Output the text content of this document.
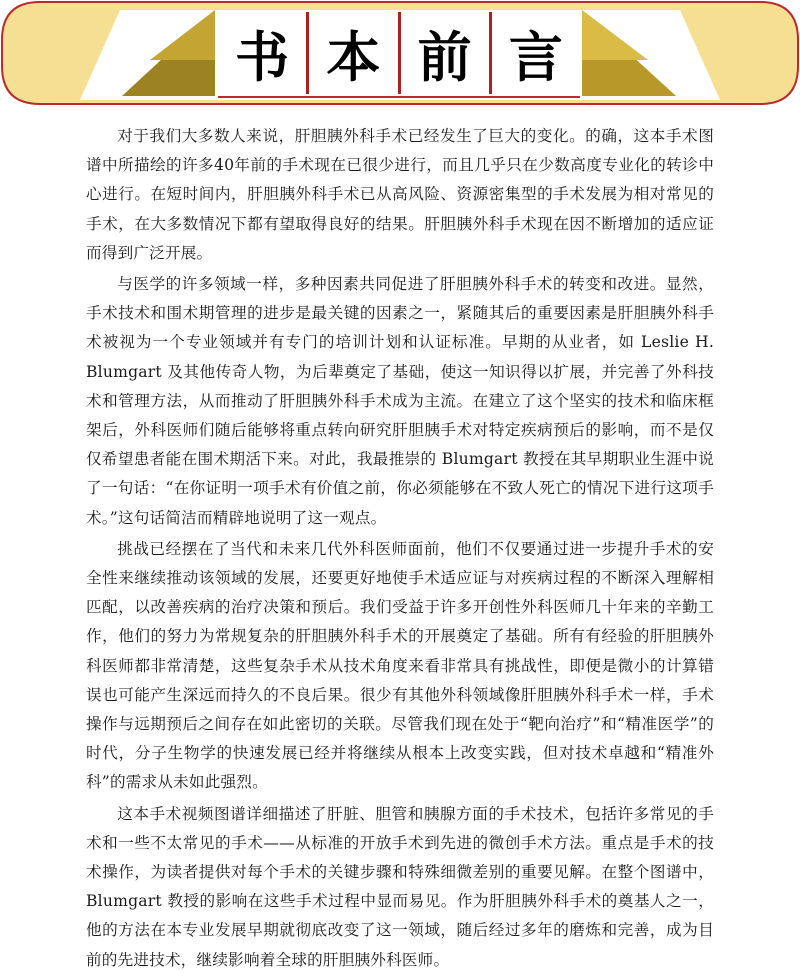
书 本 前 言

对于我们大多数人来说，肝胆胰外科手术已经发生了巨大的变化。的确，这本手术图谱中所描绘的许多40年前的手术现在已很少进行，而且几乎只在少数高度专业化的转诊中心进行。在短时间内，肝胆胰外科手术已从高风险、资源密集型的手术发展为相对常见的手术，在大多数情况下都有望取得良好的结果。肝胆胰外科手术现在因不断增加的适应证而得到广泛开展。

与医学的许多领域一样，多种因素共同促进了肝胆胰外科手术的转变和改进。显然，手术技术和围术期管理的进步是最关键的因素之一，紧随其后的重要因素是肝胆胰外科手术被视为一个专业领域并有专门的培训计划和认证标准。早期的从业者，如 Leslie H. Blumgart 及其他传奇人物，为后辈奠定了基础，使这一知识得以扩展，并完善了外科技术和管理方法，从而推动了肝胆胰外科手术成为主流。在建立了这个坚实的技术和临床框架后，外科医师们随后能够将重点转向研究肝胆胰手术对特定疾病预后的影响，而不是仅仅希望患者能在围术期活下来。对此，我最推崇的 Blumgart 教授在其早期职业生涯中说了一句话：“在你证明一项手术有价值之前，你必须能够在不致人死亡的情况下进行这项手术。”这句话简洁而精辟地说明了这一观点。

挑战已经摆在了当代和未来几代外科医师面前，他们不仅要通过进一步提升手术的安全性来继续推动该领域的发展，还要更好地使手术适应证与对疾病过程的不断深入理解相匹配，以改善疾病的治疗决策和预后。我们受益于许多开创性外科医师几十年来的辛勤工作，他们的努力为常规复杂的肝胆胰外科手术的开展奠定了基础。所有有经验的肝胆胰外科医师都非常清楚，这些复杂手术从技术角度来看非常具有挑战性，即便是微小的计算错误也可能产生深远而持久的不良后果。很少有其他外科领域像肝胆胰外科手术一样，手术操作与远期预后之间存在如此密切的关联。尽管我们现在处于“靶向治疗”和“精准医学”的时代，分子生物学的快速发展已经并将继续从根本上改变实践，但对技术卓越和“精准外科”的需求从未如此强烈。

这本手术视频图谱详细描述了肝脏、胆管和胰腺方面的手术技术，包括许多常见的手术和一些不太常见的手术——从标准的开放手术到先进的微创手术方法。重点是手术的技术操作，为读者提供对每个手术的关键步骤和特殊细微差别的重要见解。在整个图谱中，Blumgart 教授的影响在这些手术过程中显而易见。作为肝胆胰外科手术的奠基人之一，他的方法在本专业发展早期就彻底改变了这一领域，随后经过多年的磨炼和完善，成为目前的先进技术，继续影响着全球的肝胆胰外科医师。
